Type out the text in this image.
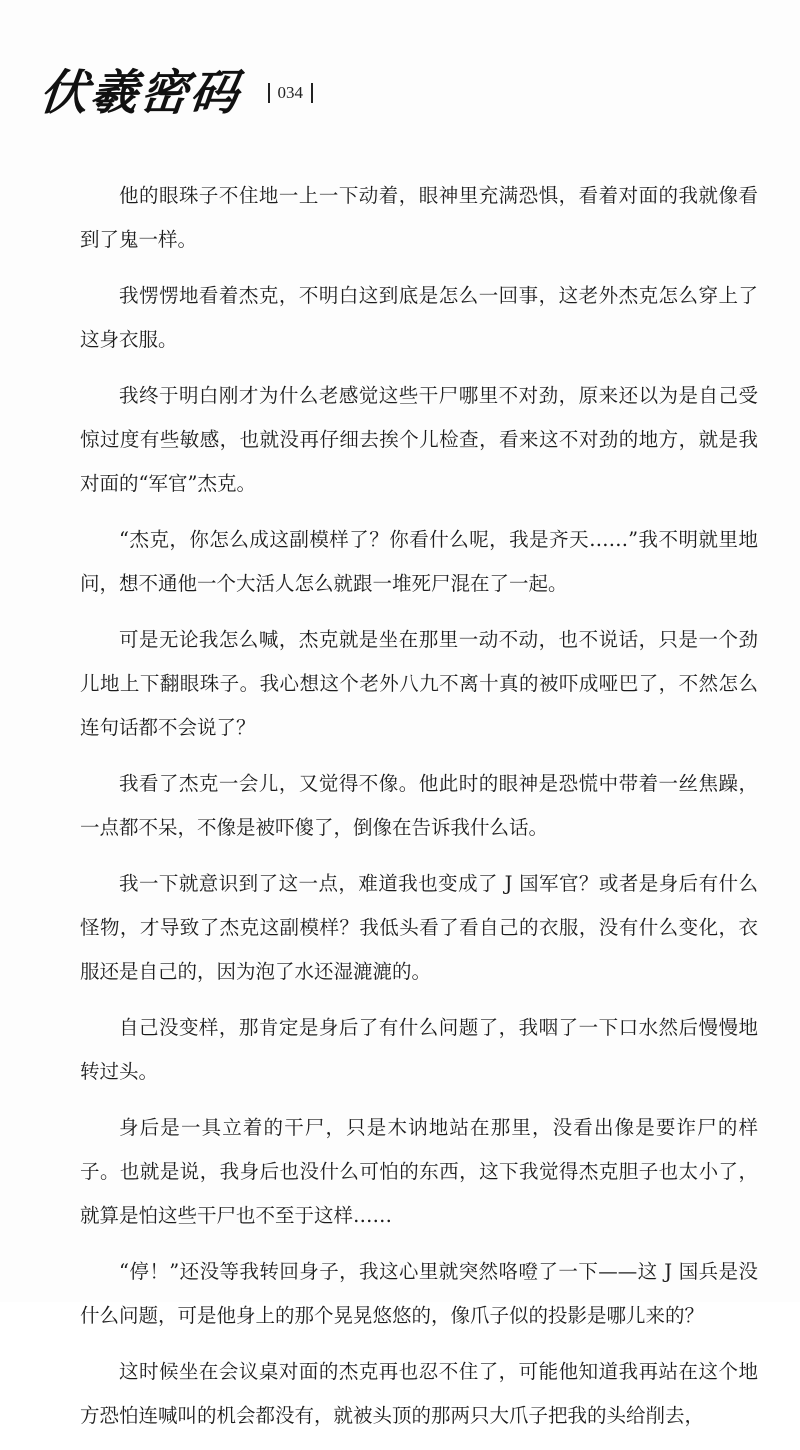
伏羲密码 034

他的眼珠子不住地一上一下动着，眼神里充满恐惧，看着对面的我就像看到了鬼一样。

我愣愣地看着杰克，不明白这到底是怎么一回事，这老外杰克怎么穿上了这身衣服。

我终于明白刚才为什么老感觉这些干尸哪里不对劲，原来还以为是自己受惊过度有些敏感，也就没再仔细去挨个儿检查，看来这不对劲的地方，就是我对面的“军官”杰克。

“杰克，你怎么成这副模样了？你看什么呢，我是齐天……”我不明就里地问，想不通他一个大活人怎么就跟一堆死尸混在了一起。

可是无论我怎么喊，杰克就是坐在那里一动不动，也不说话，只是一个劲儿地上下翻眼珠子。我心想这个老外八九不离十真的被吓成哑巴了，不然怎么连句话都不会说了？

我看了杰克一会儿，又觉得不像。他此时的眼神是恐慌中带着一丝焦躁，一点都不呆，不像是被吓傻了，倒像在告诉我什么话。

我一下就意识到了这一点，难道我也变成了 J 国军官？或者是身后有什么怪物，才导致了杰克这副模样？我低头看了看自己的衣服，没有什么变化，衣服还是自己的，因为泡了水还湿漉漉的。

自己没变样，那肯定是身后了有什么问题了，我咽了一下口水然后慢慢地转过头。

身后是一具立着的干尸，只是木讷地站在那里，没看出像是要诈尸的样子。也就是说，我身后也没什么可怕的东西，这下我觉得杰克胆子也太小了，就算是怕这些干尸也不至于这样……

“停！”还没等我转回身子，我这心里就突然咯噔了一下——这 J 国兵是没什么问题，可是他身上的那个晃晃悠悠的，像爪子似的投影是哪儿来的？

这时候坐在会议桌对面的杰克再也忍不住了，可能他知道我再站在这个地方恐怕连喊叫的机会都没有，就被头顶的那两只大爪子把我的头给削去，
